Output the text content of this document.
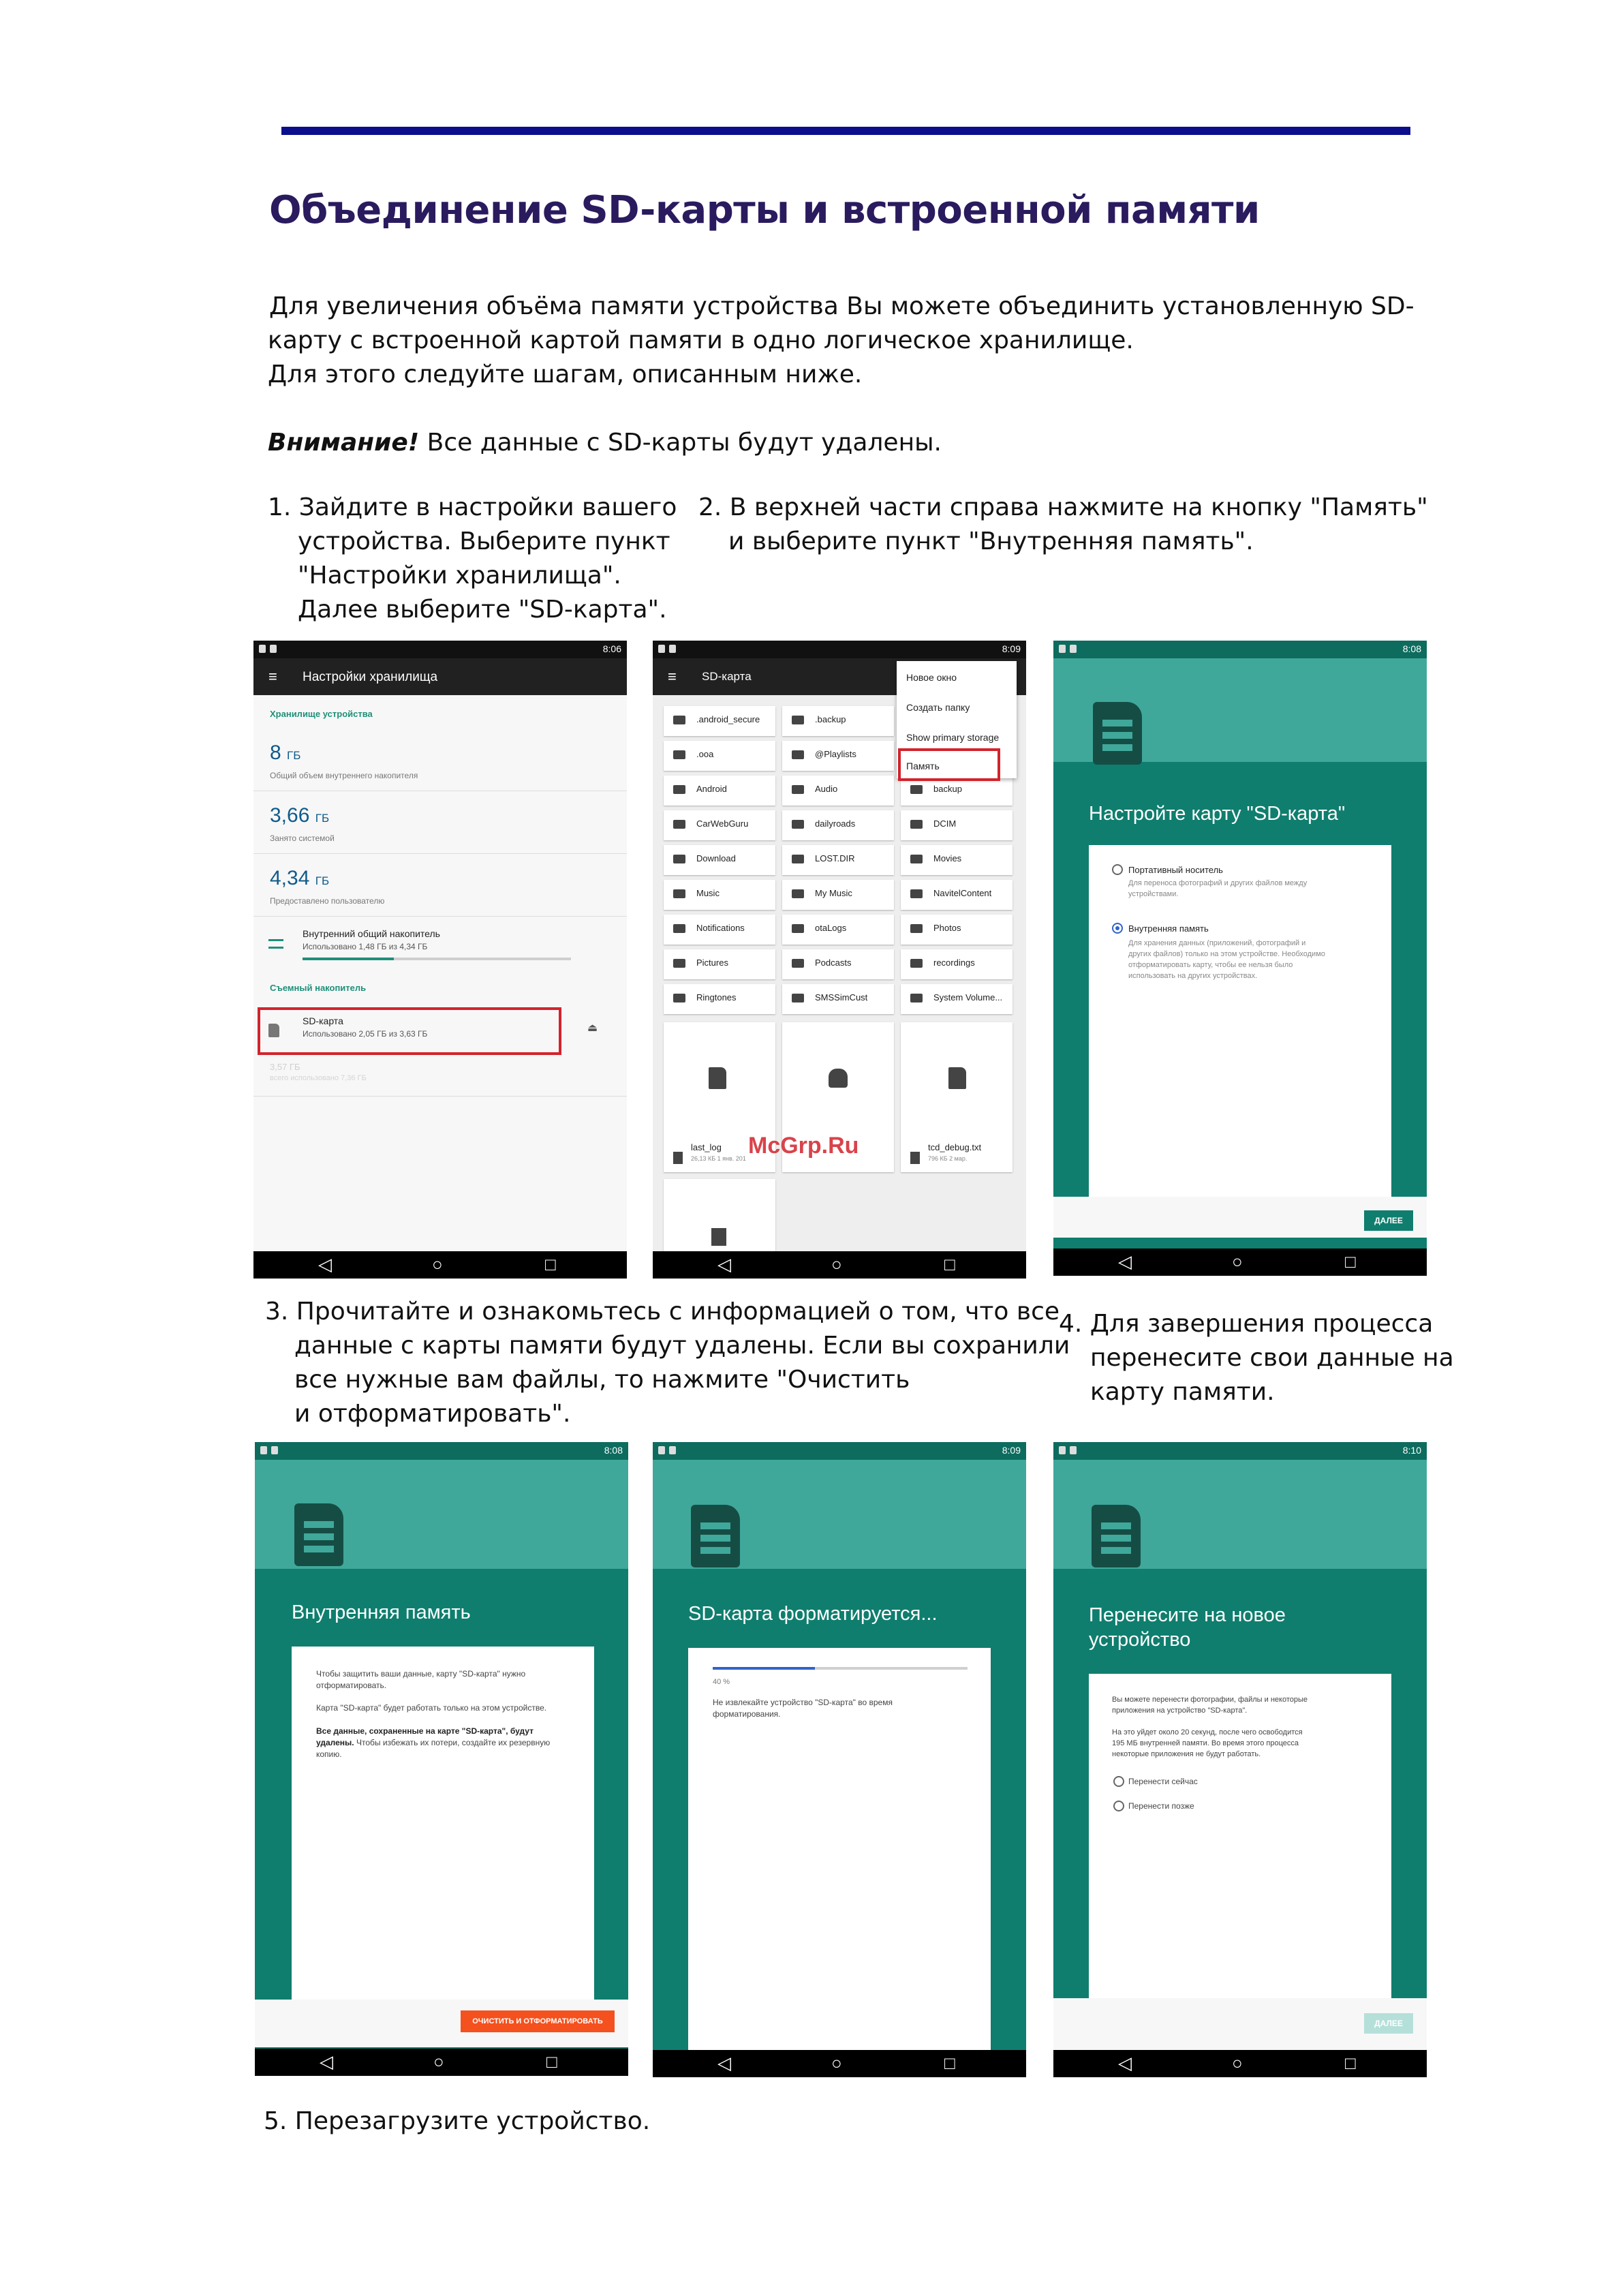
Объединение SD-карты и встроенной памяти
Для увеличения объёма памяти устройства Вы можете объединить установленную SD-
карту с встроенной картой памяти в одно логическое хранилище.
Для этого следуйте шагам, описанным ниже.
Внимание! Все данные с SD-карты будут удалены.
1. Зайдите в настройки вашего
устройства. Выберите пункт
"Настройки хранилища".
Далее выберите "SD-карта".
2. В верхней части справа нажмите на кнопку "Память"
и выберите пункт "Внутренняя память".
8:06
≡ Настройки хранилища
Хранилище устройства
8 ГБ
Общий объем внутреннего накопителя
3,66 ГБ
Занято системой
4,34 ГБ
Предоставлено пользователю
Внутренний общий накопитель
Использовано 1,48 ГБ из 4,34 ГБ
Съемный накопитель
SD-карта
Использовано 2,05 ГБ из 3,63 ГБ	⏏
3,57 ГБ
всего использовано 7,36 ГБ
◁	○	□
8:09
≡ SD-карта
.android_secure	.backup
.ooa	@Playlists
Android	Audio	backup
CarWebGuru	dailyroads	DCIM
Download	LOST.DIR	Movies
Music	My Music	NavitelContent
Notifications	otaLogs	Photos
Pictures	Podcasts	recordings
Ringtones	SMSSimCust	System Volume...
last_log
26,13 КБ 1 янв. 201
tcd_debug.txt
796 КБ 2 мар.
McGrp.Ru
Новое окно
Создать папку
Show primary storage
Память
◁	○	□
8:08
Настройте карту "SD-карта"
Портативный носитель
Для переноса фотографий и других файлов между
устройствами.
Внутренняя память
Для хранения данных (приложений, фотографий и
других файлов) только на этом устройстве. Необходимо
отформатировать карту, чтобы ее нельзя было
использовать на других устройствах.
ДАЛЕЕ
◁	○	□
3. Прочитайте и ознакомьтесь с информацией о том, что все
данные с карты памяти будут удалены. Если вы сохранили
все нужные вам файлы, то нажмите "Очистить
и отформатировать".
4. Для завершения процесса
перенесите свои данные на
карту памяти.
8:08
Внутренняя память
Чтобы защитить ваши данные, карту "SD-карта" нужно
отформатировать.
Карта "SD-карта" будет работать только на этом устройстве.
Все данные, сохраненные на карте "SD-карта", будут
удалены. Чтобы избежать их потери, создайте их резервную
копию.
ОЧИСТИТЬ И ОТФОРМАТИРОВАТЬ
◁	○	□
8:09
SD-карта форматируется...
40 %
Не извлекайте устройство "SD-карта" во время
форматирования.
◁	○	□
8:10
Перенесите на новое
устройство
Вы можете перенести фотографии, файлы и некоторые
приложения на устройство "SD-карта".
На это уйдет около 20 секунд, после чего освободится
195 МБ внутренней памяти. Во время этого процесса
некоторые приложения не будут работать.
Перенести сейчас
Перенести позже
ДАЛЕЕ
◁	○	□
5. Перезагрузите устройство.
